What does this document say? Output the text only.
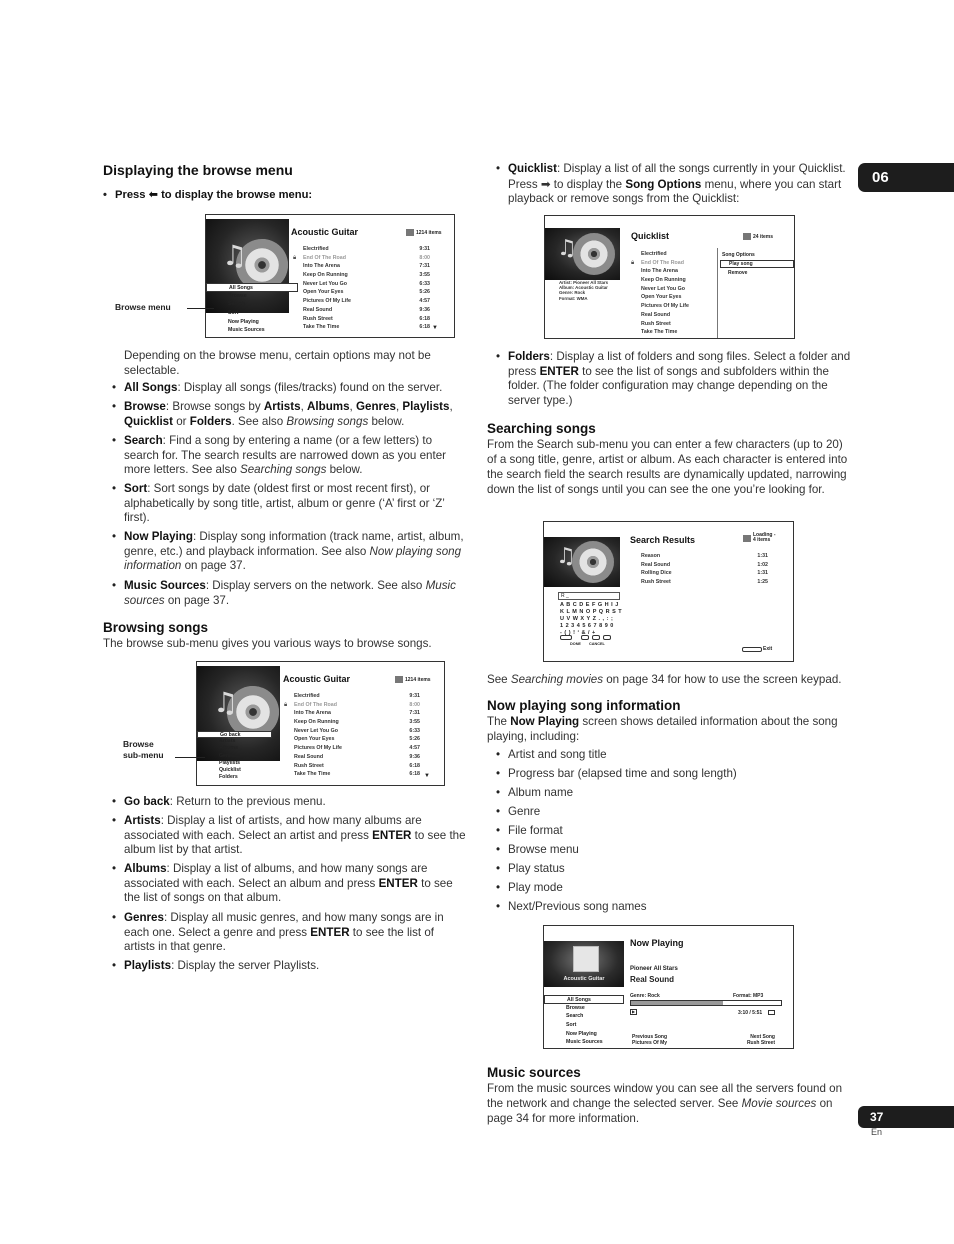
06
37
En
Displaying the browse menu
• Press ⬅ to display the browse menu:
♫
Acoustic Guitar	1214 items
🔒︎
Electrified	9:31
End Of The Road	8:00
Into The Arena	7:31
Keep On Running	3:55
Never Let You Go	6:33
Open Your Eyes	5:26
Pictures Of My Life	4:57
Real Sound	9:36
Rush Street	6:18
Take The Time	6:18 ▼
All Songs
Browse
Search
Sort
Now Playing
Music Sources
Browse menu
Depending on the browse menu, certain options may not be selectable.
• All Songs: Display all songs (files/tracks) found on the server.
• Browse: Browse songs by Artists, Albums, Genres, Playlists,
Quicklist or Folders. See also Browsing songs below.
• Search: Find a song by entering a name (or a few letters) to search for. The search results are narrowed down as you enter more letters. See also Searching songs below.
• Sort: Sort songs by date (oldest first or most recent first), or alphabetically by song title, artist, album or genre (‘A’ first or ‘Z’ first).
• Now Playing: Display song information (track name, artist, album, genre, etc.) and playback information. See also Now playing song information on page 37.
• Music Sources: Display servers on the network. See also Music sources on page 37.
Browsing songs
The browse sub-menu gives you various ways to browse songs.
♫
Acoustic Guitar	1214 items
🔒︎
Electrified	9:31
End Of The Road	8:00
Into The Arena	7:31
Keep On Running	3:55
Never Let You Go	6:33
Open Your Eyes	5:26
Pictures Of My Life	4:57
Real Sound	9:36
Rush Street	6:18
Take The Time	6:18 ▼
Go back
Artists
Albums
Genres
Playlists
Quicklist
Folders
Browse
sub-menu
• Go back: Return to the previous menu.
• Artists: Display a list of artists, and how many albums are associated with each. Select an artist and press ENTER to see the album list by that artist.
• Albums: Display a list of albums, and how many songs are associated with each. Select an album and press ENTER to see the list of songs on that album.
• Genres: Display all music genres, and how many songs are in each one. Select a genre and press ENTER to see the list of artists in that genre.
• Playlists: Display the server Playlists.
• Quicklist: Display a list of all the songs currently in your Quicklist. Press ➡ to display the Song Options menu, where you can start playback or remove songs from the Quicklist:
♫
Artist: Pioneer All Stars
Album: Acoustic Guitar
Genre: Rock
Format: WMA
Quicklist	24 items
🔒︎
Electrified
End Of The Road
Into The Arena
Keep On Running
Never Let You Go
Open Your Eyes
Pictures Of My Life
Real Sound
Rush Street
Take The Time
Song Options
Play song
Remove
• Folders: Display a list of folders and song files. Select a folder and press ENTER to see the list of songs and subfolders within the folder. (The folder configuration may change depending on the server type.)
Searching songs
From the Search sub-menu you can enter a few characters (up to 20) of a song title, genre, artist or album. As each character is entered into the search field the search results are dynamically updated, narrowing down the list of songs until you can see the one you’re looking for.
♫
R _
A B C D E F G H I J
K L M N O P Q R S T
U V W X Y Z . , : ;
1 2 3 4 5 6 7 8 9 0
- ( ) ! ‘ & / +
DONE CANCEL
Search Results	Loading -
4 items
Reason	1:31
Real Sound	1:02
Rolling Dice	1:31
Rush Street	1:25
Exit
See Searching movies on page 34 for how to use the screen keypad.
Now playing song information
The Now Playing screen shows detailed information about the song playing, including:
• Artist and song title
• Progress bar (elapsed time and song length)
• Album name
• Genre
• File format
• Browse menu
• Play status
• Play mode
• Next/Previous song names
Acoustic Guitar
All Songs
Browse
Search
Sort
Now Playing
Music Sources
Now Playing
Pioneer All Stars
Real Sound
Genre: Rock	Format: MP3
▶	3:10 / 5:51
Previous Song
Pictures Of My
Next Song
Rush Street
Music sources
From the music sources window you can see all the servers found on the network and change the selected server. See Movie sources on page 34 for more information.
